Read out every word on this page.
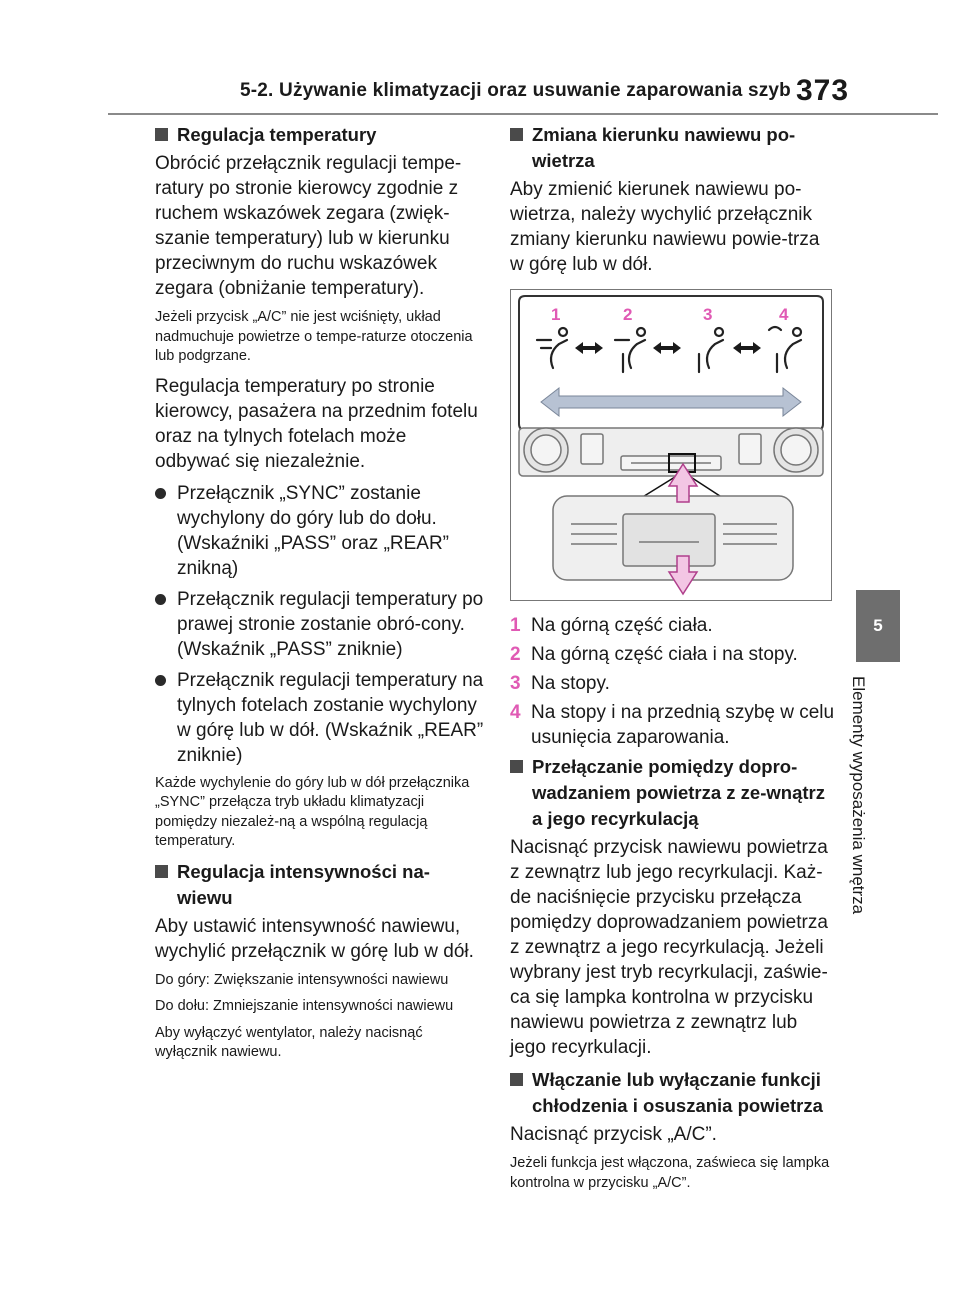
5-2. Używanie klimatyzacji oraz usuwanie zaparowania szyb 373
5
Elementy wyposażenia wnętrza
Regulacja temperatury
Obrócić przełącznik regulacji tempe-ratury po stronie kierowcy zgodnie z ruchem wskazówek zegara (zwięk-szanie temperatury) lub w kierunku przeciwnym do ruchu wskazówek zegara (obniżanie temperatury).
Jeżeli przycisk „A/C” nie jest wciśnięty, układ nadmuchuje powietrze o tempe-raturze otoczenia lub podgrzane.
Regulacja temperatury po stronie kierowcy, pasażera na przednim fotelu oraz na tylnych fotelach może odbywać się niezależnie.
Przełącznik „SYNC” zostanie wychylony do góry lub do dołu. (Wskaźniki „PASS” oraz „REAR” znikną)
Przełącznik regulacji temperatury po prawej stronie zostanie obró-cony. (Wskaźnik „PASS” zniknie)
Przełącznik regulacji temperatury na tylnych fotelach zostanie wychylony w górę lub w dół. (Wskaźnik „REAR” zniknie)
Każde wychylenie do góry lub w dół przełącznika „SYNC” przełącza tryb układu klimatyzacji pomiędzy niezależ-ną a wspólną regulacją temperatury.
Regulacja intensywności na-wiewu
Aby ustawić intensywność nawiewu, wychylić przełącznik w górę lub w dół.
Do góry: Zwiększanie intensywności nawiewu
Do dołu: Zmniejszanie intensywności nawiewu
Aby wyłączyć wentylator, należy nacisnąć wyłącznik nawiewu.
Zmiana kierunku nawiewu po-wietrza
Aby zmienić kierunek nawiewu po-wietrza, należy wychylić przełącznik zmiany kierunku nawiewu powie-trza w górę lub w dół.
1	2	3	4
1 Na górną część ciała.
2 Na górną część ciała i na stopy.
3 Na stopy.
4 Na stopy i na przednią szybę w celu usunięcia zaparowania.
Przełączanie pomiędzy dopro-wadzaniem powietrza z ze-wnątrz a jego recyrkulacją
Nacisnąć przycisk nawiewu powietrza z zewnątrz lub jego recyrkulacji. Każ-de naciśnięcie przycisku przełącza pomiędzy doprowadzaniem powietrza z zewnątrz a jego recyrkulacją. Jeżeli wybrany jest tryb recyrkulacji, zaświe-ca się lampka kontrolna w przycisku nawiewu powietrza z zewnątrz lub jego recyrkulacji.
Włączanie lub wyłączanie funkcji chłodzenia i osuszania powietrza
Nacisnąć przycisk „A/C”.
Jeżeli funkcja jest włączona, zaświeca się lampka kontrolna w przycisku „A/C”.
